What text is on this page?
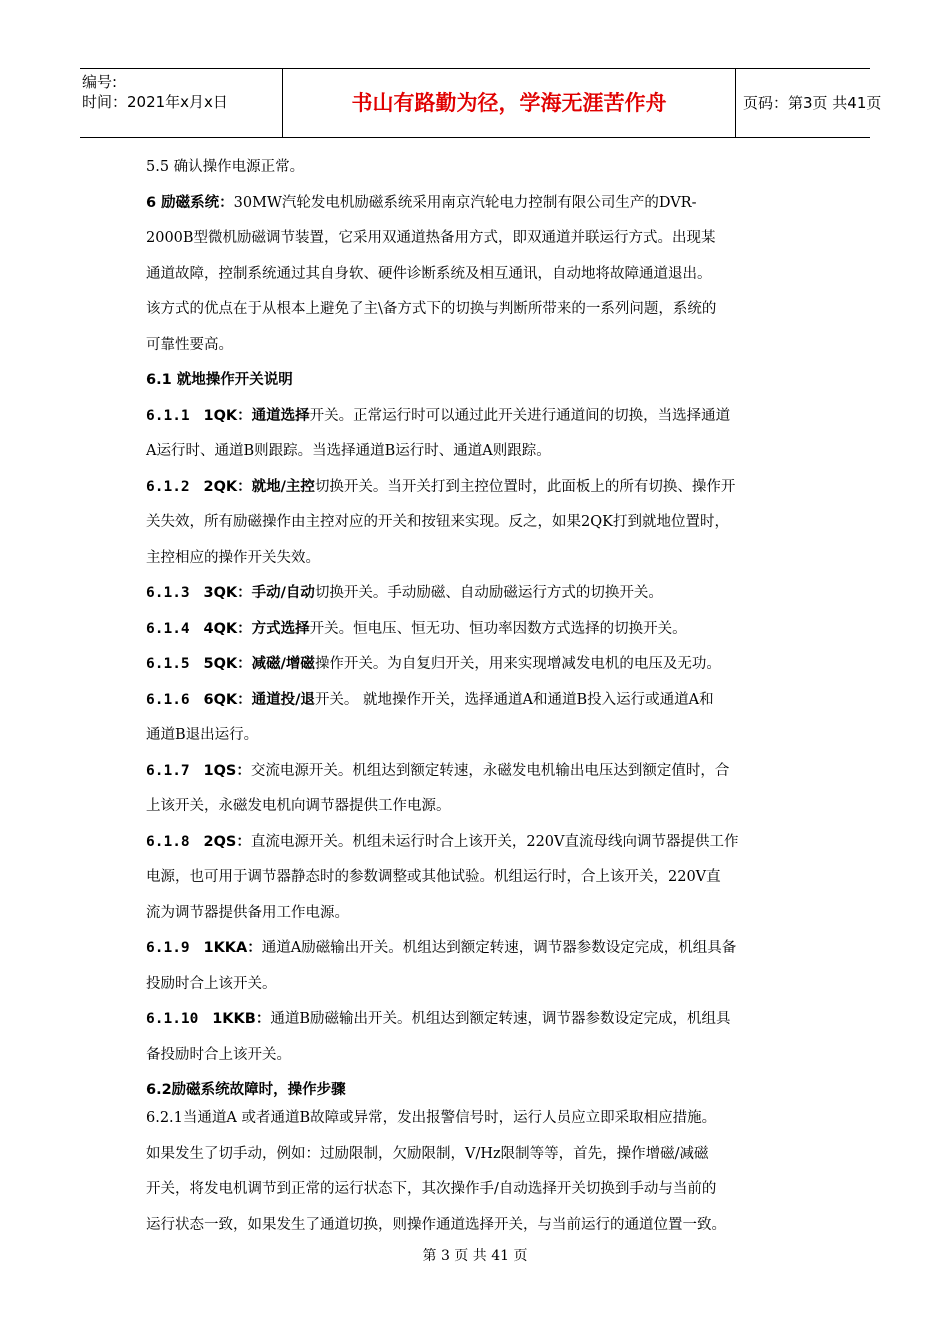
编号:
时间：2021年x月x日	书山有路勤为径，学海无涯苦作舟	页码：第3页 共41页

5.5 确认操作电源正常。

6 励磁系统：30MW汽轮发电机励磁系统采用南京汽轮电力控制有限公司生产的DVR-
2000B型微机励磁调节装置，它采用双通道热备用方式，即双通道并联运行方式。出现某
通道故障，控制系统通过其自身软、硬件诊断系统及相互通讯，自动地将故障通道退出。
该方式的优点在于从根本上避免了主\备方式下的切换与判断所带来的一系列问题，系统的
可靠性要高。

6.1 就地操作开关说明

6.1.1 1QK：通道选择开关。正常运行时可以通过此开关进行通道间的切换，当选择通道
A运行时、通道B则跟踪。当选择通道B运行时、通道A则跟踪。

6.1.2 2QK：就地/主控切换开关。当开关打到主控位置时，此面板上的所有切换、操作开
关失效，所有励磁操作由主控对应的开关和按钮来实现。反之，如果2QK打到就地位置时，
主控相应的操作开关失效。

6.1.3 3QK：手动/自动切换开关。手动励磁、自动励磁运行方式的切换开关。

6.1.4 4QK：方式选择开关。恒电压、恒无功、恒功率因数方式选择的切换开关。

6.1.5 5QK：减磁/增磁操作开关。为自复归开关，用来实现增减发电机的电压及无功。

6.1.6 6QK：通道投/退开关。 就地操作开关，选择通道A和通道B投入运行或通道A和
通道B退出运行。

6.1.7 1QS：交流电源开关。机组达到额定转速，永磁发电机输出电压达到额定值时，合
上该开关，永磁发电机向调节器提供工作电源。

6.1.8 2QS：直流电源开关。机组未运行时合上该开关，220V直流母线向调节器提供工作
电源，也可用于调节器静态时的参数调整或其他试验。机组运行时，合上该开关，220V直
流为调节器提供备用工作电源。

6.1.9 1KKA：通道A励磁输出开关。机组达到额定转速，调节器参数设定完成，机组具备
投励时合上该开关。

6.1.10 1KKB：通道B励磁输出开关。机组达到额定转速，调节器参数设定完成，机组具
备投励时合上该开关。

6.2励磁系统故障时，操作步骤

6.2.1当通道A 或者通道B故障或异常，发出报警信号时，运行人员应立即采取相应措施。
如果发生了切手动，例如：过励限制，欠励限制，V/Hz限制等等，首先，操作增磁/减磁
开关，将发电机调节到正常的运行状态下，其次操作手/自动选择开关切换到手动与当前的
运行状态一致，如果发生了通道切换，则操作通道选择开关，与当前运行的通道位置一致。

第 3 页 共 41 页
